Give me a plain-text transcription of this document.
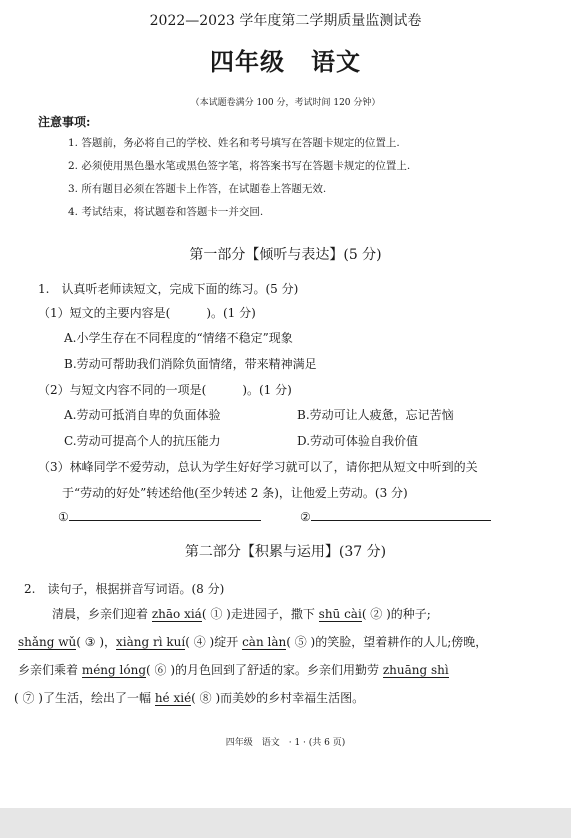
2022—2023 学年度第二学期质量监测试卷
四年级 语文
（本试题卷满分 100 分，考试时间 120 分钟）
注意事项:
1. 答题前，务必将自己的学校、姓名和考号填写在答题卡规定的位置上.
2. 必须使用黑色墨水笔或黑色签字笔，将答案书写在答题卡规定的位置上.
3. 所有题目必须在答题卡上作答，在试题卷上答题无效.
4. 考试结束，将试题卷和答题卡一并交回.
第一部分【倾听与表达】(5 分)
1.　认真听老师读短文，完成下面的练习。(5 分)
（1）短文的主要内容是(　　　)。(1 分)
A.小学生存在不同程度的“情绪不稳定”现象
B.劳动可帮助我们消除负面情绪，带来精神满足
（2）与短文内容不同的一项是(　　　)。(1 分)
A.劳动可抵消自卑的负面体验	B.劳动可让人疲惫，忘记苦恼
C.劳动可提高个人的抗压能力	D.劳动可体验自我价值
（3）林峰同学不爱劳动，总认为学生好好学习就可以了，请你把从短文中听到的关
于“劳动的好处”转述给他(至少转述 2 条)，让他爱上劳动。(3 分)
①	②
第二部分【积累与运用】(37 分)
2.　读句子，根据拼音写词语。(8 分)
清晨，乡亲们迎着 zhāo xiá( ① )走进园子，撒下 shū cài( ② )的种子;
shǎng wǔ( ③ )，xiàng rì kuí( ④ )绽开 càn làn( ⑤ )的笑脸，望着耕作的人儿;傍晚，
乡亲们乘着 méng lóng( ⑥ )的月色回到了舒适的家。乡亲们用勤劳 zhuāng shì
( ⑦ )了生活，绘出了一幅 hé xié( ⑧ )而美妙的乡村幸福生活图。
四年级　语文　· 1 · (共 6 页)
